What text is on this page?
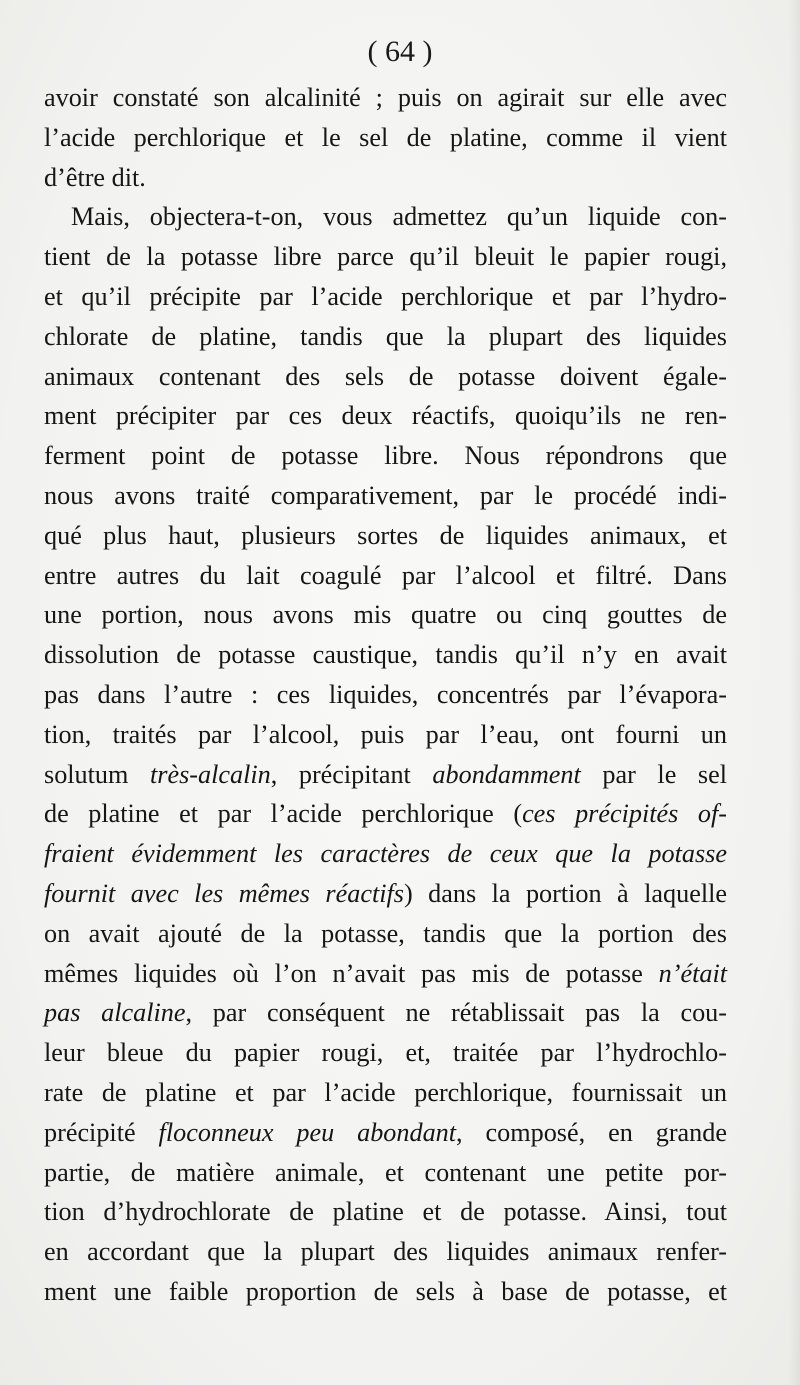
( 64 )
avoir constaté son alcalinité ; puis on agirait sur elle avec
l’acide perchlorique et le sel de platine, comme il vient
d’être dit.
Mais, objectera-t-on, vous admettez qu’un liquide con-
tient de la potasse libre parce qu’il bleuit le papier rougi,
et qu’il précipite par l’acide perchlorique et par l’hydro-
chlorate de platine, tandis que la plupart des liquides
animaux contenant des sels de potasse doivent égale-
ment précipiter par ces deux réactifs, quoiqu’ils ne ren-
ferment point de potasse libre. Nous répondrons que
nous avons traité comparativement, par le procédé indi-
qué plus haut, plusieurs sortes de liquides animaux, et
entre autres du lait coagulé par l’alcool et filtré. Dans
une portion, nous avons mis quatre ou cinq gouttes de
dissolution de potasse caustique, tandis qu’il n’y en avait
pas dans l’autre : ces liquides, concentrés par l’évapora-
tion, traités par l’alcool, puis par l’eau, ont fourni un
solutum très-alcalin, précipitant abondamment par le sel
de platine et par l’acide perchlorique (ces précipités of-
fraient évidemment les caractères de ceux que la potasse
fournit avec les mêmes réactifs) dans la portion à laquelle
on avait ajouté de la potasse, tandis que la portion des
mêmes liquides où l’on n’avait pas mis de potasse n’était
pas alcaline, par conséquent ne rétablissait pas la cou-
leur bleue du papier rougi, et, traitée par l’hydrochlo-
rate de platine et par l’acide perchlorique, fournissait un
précipité floconneux peu abondant, composé, en grande
partie, de matière animale, et contenant une petite por-
tion d’hydrochlorate de platine et de potasse. Ainsi, tout
en accordant que la plupart des liquides animaux renfer-
ment une faible proportion de sels à base de potasse, et
